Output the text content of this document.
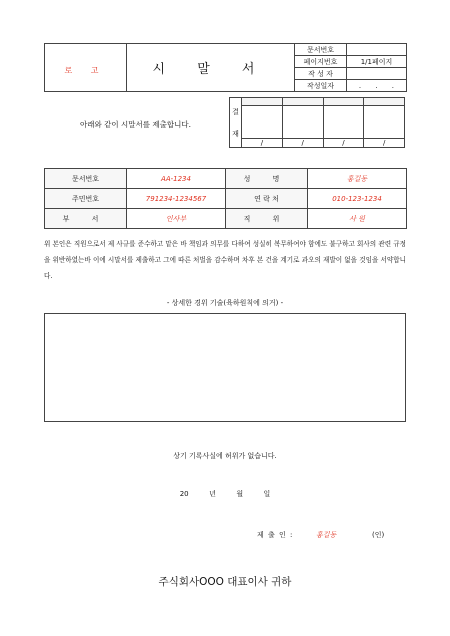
로 고	시 말 서	문서번호	
		페이지번호	1/1페이지
		작 성 자	
		작성일자	. . .
아래와 같이 시말서를 제출합니다.
결
재				

	/	/	/	/
문서번호	AA-1234	성 명	홍길동
주민번호	791234-1234567	연 락 처	010-123-1234
부 서	인사부	직 위	사 원
위 본인은 직원으로서 제 사규를 준수하고 맡은 바 책임과 의무를 다하여 성실히 복무하여야 함에도 불구하고 회사의 관련 규정을 위반하였는바 이에 시말서를 제출하고 그에 따른 처벌을 감수하며 차후 본 건을 계기로 과오의 재발이 없을 것임을 서약합니다.
- 상세한 경위 기술(육하원칙에 의거) -
상기 기록사실에 허위가 없습니다.
20	년	월	일
제 출 인 :	홍길동	(인)
주식회사OOO 대표이사 귀하
